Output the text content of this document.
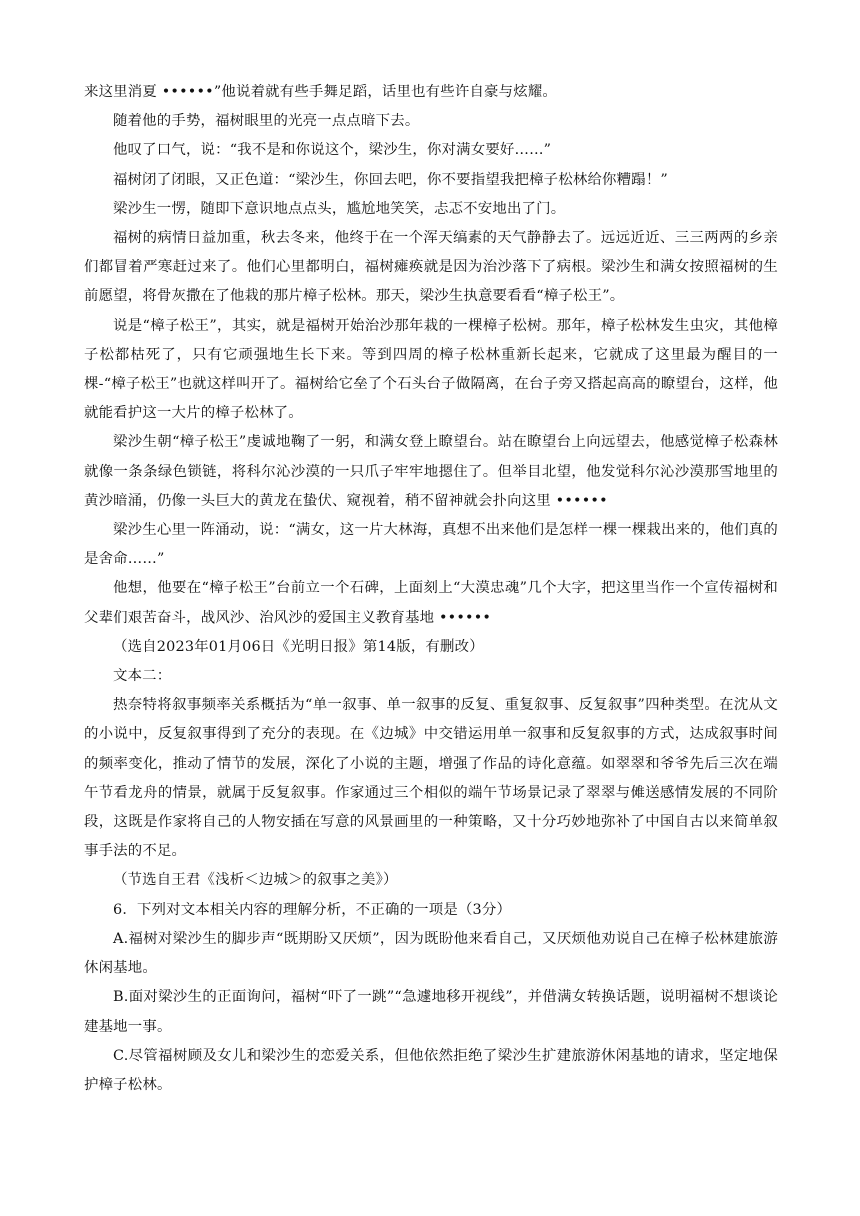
来这里消夏 ••••••”他说着就有些手舞足蹈，话里也有些许自豪与炫耀。

随着他的手势，福树眼里的光亮一点点暗下去。

他叹了口气，说：“我不是和你说这个，梁沙生，你对满女要好……”

福树闭了闭眼，又正色道：“梁沙生，你回去吧，你不要指望我把樟子松林给你糟蹋！”

梁沙生一愣，随即下意识地点点头，尴尬地笑笑，忐忑不安地出了门。

福树的病情日益加重，秋去冬来，他终于在一个浑天缟素的天气静静去了。远远近近、三三两两的乡亲们都冒着严寒赶过来了。他们心里都明白，福树瘫痪就是因为治沙落下了病根。梁沙生和满女按照福树的生前愿望，将骨灰撒在了他栽的那片樟子松林。那天，梁沙生执意要看看“樟子松王”。

说是“樟子松王”，其实，就是福树开始治沙那年栽的一棵樟子松树。那年，樟子松林发生虫灾，其他樟子松都枯死了，只有它顽强地生长下来。等到四周的樟子松林重新长起来，它就成了这里最为醒目的一棵-“樟子松王”也就这样叫开了。福树给它垒了个石头台子做隔离，在台子旁又搭起高高的瞭望台，这样，他就能看护这一大片的樟子松林了。

梁沙生朝“樟子松王”虔诚地鞠了一躬，和满女登上瞭望台。站在瞭望台上向远望去，他感觉樟子松森林就像一条条绿色锁链，将科尔沁沙漠的一只爪子牢牢地摁住了。但举目北望，他发觉科尔沁沙漠那雪地里的黄沙暗涌，仍像一头巨大的黄龙在蛰伏、窥视着，稍不留神就会扑向这里 ••••••

梁沙生心里一阵涌动，说：“满女，这一片大林海，真想不出来他们是怎样一棵一棵栽出来的，他们真的是舍命……”

他想，他要在“樟子松王”台前立一个石碑，上面刻上“大漠忠魂”几个大字，把这里当作一个宣传福树和父辈们艰苦奋斗，战风沙、治风沙的爱国主义教育基地 ••••••

（选自2023年01月06日《光明日报》第14版，有删改）

文本二：

热奈特将叙事频率关系概括为“单一叙事、单一叙事的反复、重复叙事、反复叙事”四种类型。在沈从文的小说中，反复叙事得到了充分的表现。在《边城》中交错运用单一叙事和反复叙事的方式，达成叙事时间的频率变化，推动了情节的发展，深化了小说的主题，增强了作品的诗化意蕴。如翠翠和爷爷先后三次在端午节看龙舟的情景，就属于反复叙事。作家通过三个相似的端午节场景记录了翠翠与傩送感情发展的不同阶段，这既是作家将自己的人物安插在写意的风景画里的一种策略，又十分巧妙地弥补了中国自古以来简单叙事手法的不足。

（节选自王君《浅析＜边城＞的叙事之美》）

6．下列对文本相关内容的理解分析，不正确的一项是（3分）

A.福树对梁沙生的脚步声“既期盼又厌烦”，因为既盼他来看自己，又厌烦他劝说自己在樟子松林建旅游休闲基地。

B.面对梁沙生的正面询问，福树“吓了一跳”“急遽地移开视线”，并借满女转换话题，说明福树不想谈论建基地一事。

C.尽管福树顾及女儿和梁沙生的恋爱关系，但他依然拒绝了梁沙生扩建旅游休闲基地的请求，坚定地保护樟子松林。
